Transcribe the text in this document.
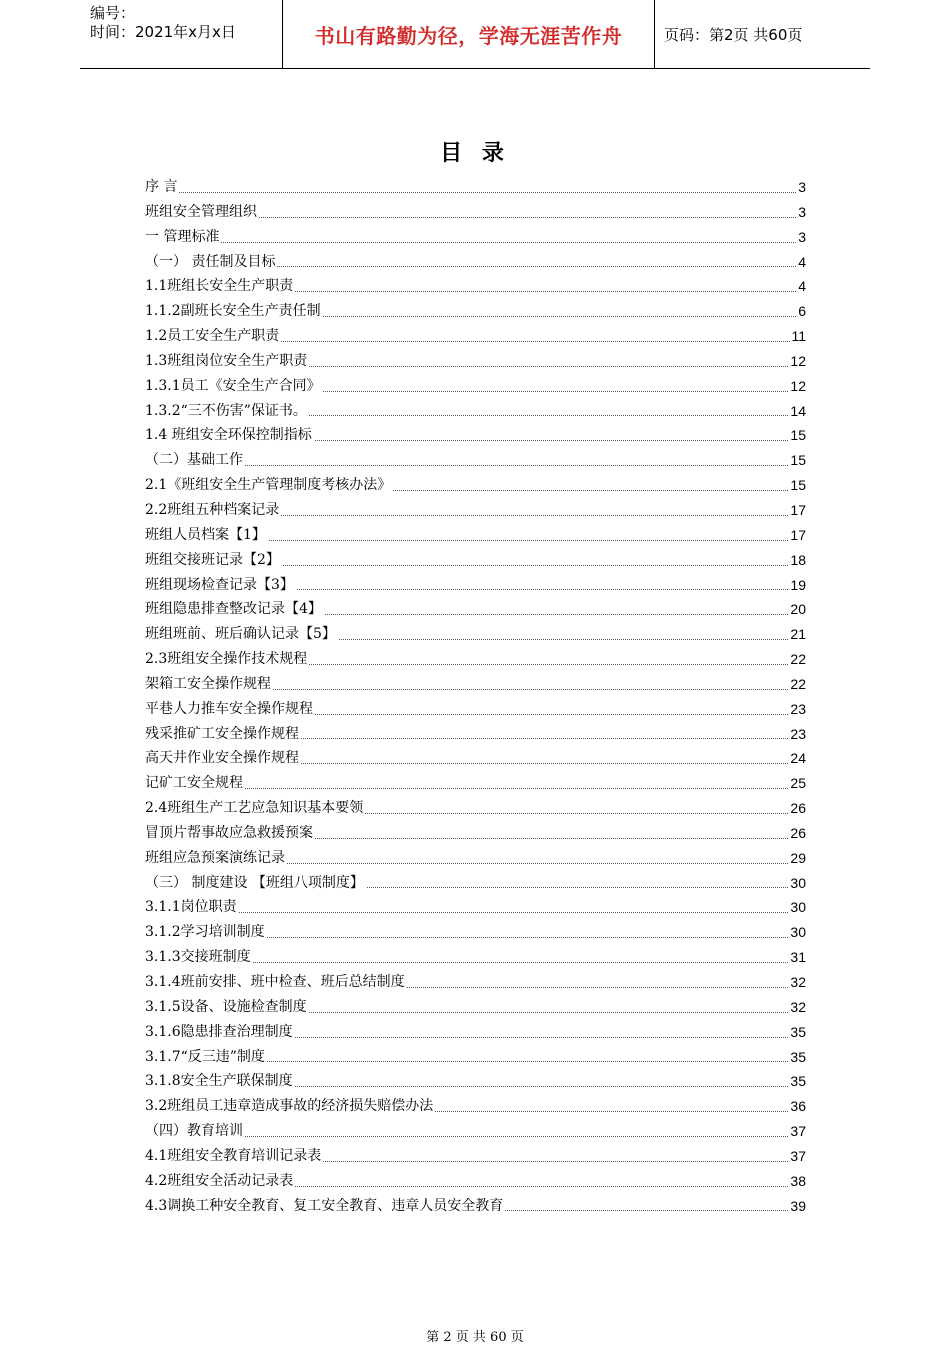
编号：
时间：2021年x月x日	书山有路勤为径，学海无涯苦作舟	页码：第2页 共60页
目 录
序 言	3
班组安全管理组织	3
一 管理标准	3
（一） 责任制及目标	4
1.1班组长安全生产职责	4
1.1.2副班长安全生产责任制	6
1.2员工安全生产职责	11
1.3班组岗位安全生产职责	12
1.3.1员工《安全生产合同》	12
1.3.2“三不伤害”保证书。	14
1.4 班组安全环保控制指标	15
（二）基础工作	15
2.1《班组安全生产管理制度考核办法》	15
2.2班组五种档案记录	17
班组人员档案【1】	17
班组交接班记录【2】	18
班组现场检查记录【3】	19
班组隐患排查整改记录【4】	20
班组班前、班后确认记录【5】	21
2.3班组安全操作技术规程	22
架箱工安全操作规程	22
平巷人力推车安全操作规程	23
残采推矿工安全操作规程	23
高天井作业安全操作规程	24
记矿工安全规程	25
2.4班组生产工艺应急知识基本要领	26
冒顶片帮事故应急救援预案	26
班组应急预案演练记录	29
（三） 制度建设 【班组八项制度】	30
3.1.1岗位职责	30
3.1.2学习培训制度	30
3.1.3交接班制度	31
3.1.4班前安排、班中检查、班后总结制度	32
3.1.5设备、设施检查制度	32
3.1.6隐患排查治理制度	35
3.1.7“反三违”制度	35
3.1.8安全生产联保制度	35
3.2班组员工违章造成事故的经济损失赔偿办法	36
（四）教育培训	37
4.1班组安全教育培训记录表	37
4.2班组安全活动记录表	38
4.3调换工种安全教育、复工安全教育、违章人员安全教育	39
第 2 页 共 60 页
